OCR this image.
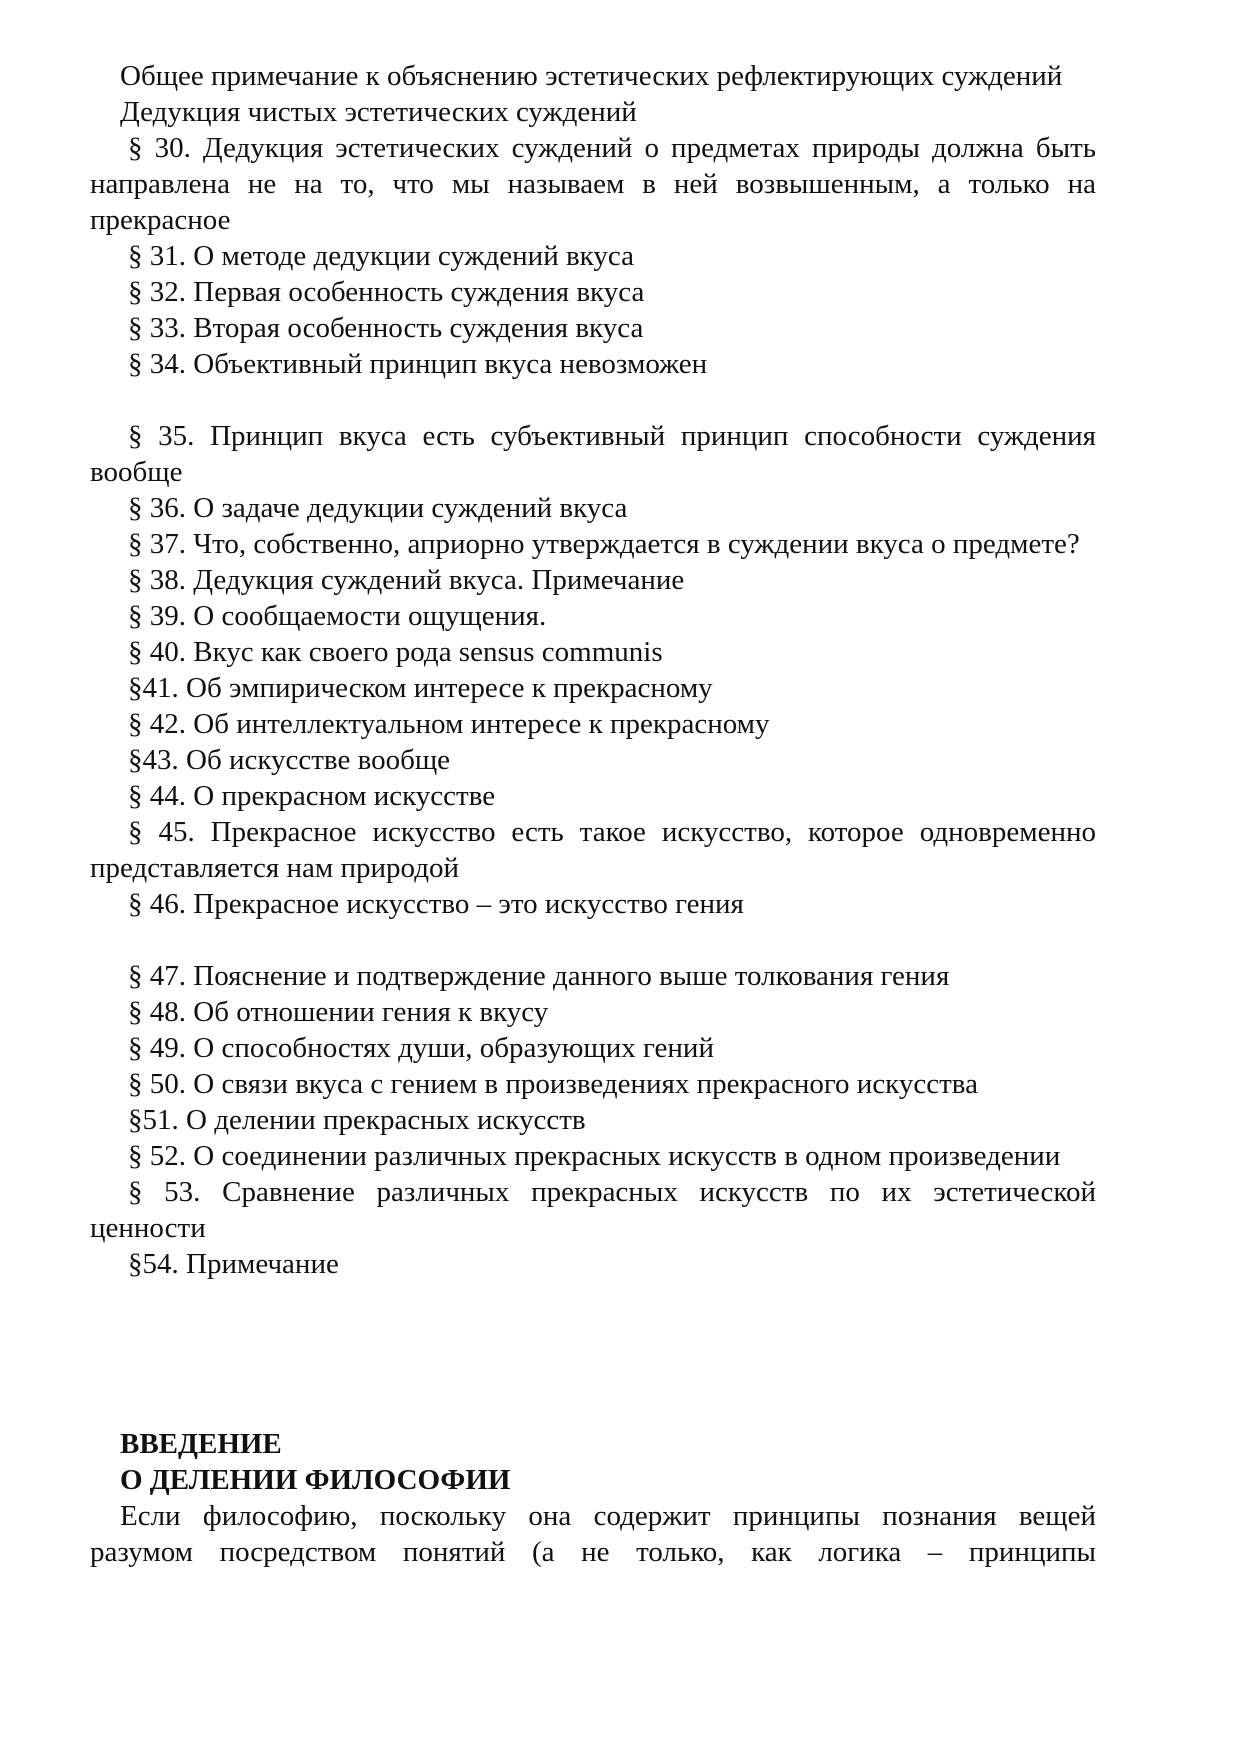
Общее примечание к объяснению эстетических рефлектирующих суждений

Дедукция чистых эстетических суждений

§ 30. Дедукция эстетических суждений о предметах природы должна быть направлена не на то, что мы называем в ней возвышенным, а только на прекрасное

§ 31. О методе дедукции суждений вкуса

§ 32. Первая особенность суждения вкуса

§ 33. Вторая особенность суждения вкуса

§ 34. Объективный принцип вкуса невозможен

§ 35. Принцип вкуса есть субъективный принцип способности суждения вообще

§ 36. О задаче дедукции суждений вкуса

§ 37. Что, собственно, априорно утверждается в суждении вкуса о предмете?

§ 38. Дедукция суждений вкуса. Примечание

§ 39. О сообщаемости ощущения.

§ 40. Вкус как своего рода sensus communis

§41. Об эмпирическом интересе к прекрасному

§ 42. Об интеллектуальном интересе к прекрасному

§43. Об искусстве вообще

§ 44. О прекрасном искусстве

§ 45. Прекрасное искусство есть такое искусство, которое одновременно представляется нам природой

§ 46. Прекрасное искусство – это искусство гения

§ 47. Пояснение и подтверждение данного выше толкования гения

§ 48. Об отношении гения к вкусу

§ 49. О способностях души, образующих гений

§ 50. О связи вкуса с гением в произведениях прекрасного искусства

§51. О делении прекрасных искусств

§ 52. О соединении различных прекрасных искусств в одном произведении

§ 53. Сравнение различных прекрасных искусств по их эстетической ценности

§54. Примечание

ВВЕДЕНИЕ

О ДЕЛЕНИИ ФИЛОСОФИИ

Если философию, поскольку она содержит принципы познания вещей разумом посредством понятий (а не только, как логика – принципы
